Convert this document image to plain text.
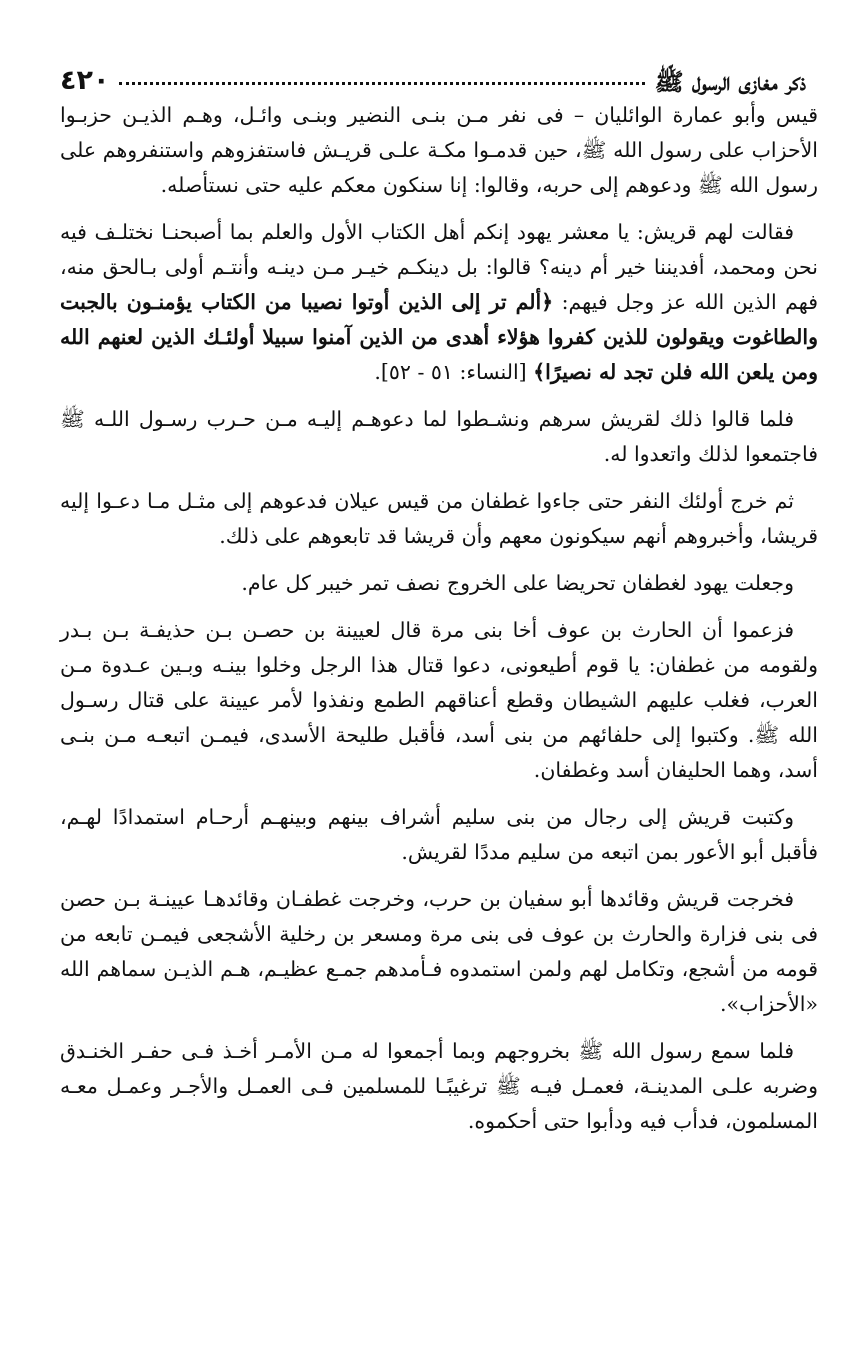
٤٢٠	ذكر مغازى الرسول ﷺ

قيس وأبو عمارة الوائليان – فى نفر مـن بنـى النضير وبنـى وائـل، وهـم الذيـن حزبـوا الأحزاب على رسول الله ﷺ، حين قدمـوا مكـة علـى قريـش فاستفزوهم واستنفروهم على رسول الله ﷺ ودعوهم إلى حربه، وقالوا: إنا سنكون معكم عليه حتى نستأصله.

فقالت لهم قريش: يا معشر يهود إنكم أهل الكتاب الأول والعلم بما أصبحنـا نختلـف فيه نحن ومحمد، أفديننا خير أم دينه؟ قالوا: بل دينكـم خيـر مـن دينـه وأنتـم أولى بـالحق منه، فهم الذين الله عز وجل فيهم: ﴿ألم تر إلى الذين أوتوا نصيبا من الكتاب يؤمنـون بالجبت والطاغوت ويقولون للذين كفروا هؤلاء أهدى من الذين آمنوا سبيلا أولئـك الذين لعنهم الله ومن يلعن الله فلن تجد له نصيرًا﴾ [النساء: ٥١ - ٥٢].

فلما قالوا ذلك لقريش سرهم ونشـطوا لما دعوهـم إليـه مـن حـرب رسـول اللـه ﷺ فاجتمعوا لذلك واتعدوا له.

ثم خرج أولئك النفر حتى جاءوا غطفان من قيس عيلان فدعوهم إلى مثـل مـا دعـوا إليه قريشا، وأخبروهم أنهم سيكونون معهم وأن قريشا قد تابعوهم على ذلك.

وجعلت يهود لغطفان تحريضا على الخروج نصف تمر خيبر كل عام.

فزعموا أن الحارث بن عوف أخا بنى مرة قال لعيينة بن حصـن بـن حذيفـة بـن بـدر ولقومه من غطفان: يا قوم أطيعونى، دعوا قتال هذا الرجل وخلوا بينـه وبـين عـدوة مـن العرب، فغلب عليهم الشيطان وقطع أعناقهم الطمع ونفذوا لأمر عيينة على قتال رسـول الله ﷺ. وكتبوا إلى حلفائهم من بنى أسد، فأقبل طليحة الأسدى، فيمـن اتبعـه مـن بنـى أسد، وهما الحليفان أسد وغطفان.

وكتبت قريش إلى رجال من بنى سليم أشراف بينهم وبينهـم أرحـام استمدادًا لهـم، فأقبل أبو الأعور بمن اتبعه من سليم مددًا لقريش.

فخرجت قريش وقائدها أبو سفيان بن حرب، وخرجت غطفـان وقائدهـا عيينـة بـن حصن فى بنى فزارة والحارث بن عوف فى بنى مرة ومسعر بن رخلية الأشجعى فيمـن تابعه من قومه من أشجع، وتكامل لهم ولمن استمدوه فـأمدهم جمـع عظيـم، هـم الذيـن سماهم الله «الأحزاب».

فلما سمع رسول الله ﷺ بخروجهم وبما أجمعوا له مـن الأمـر أخـذ فـى حفـر الخنـدق وضربه علـى المدينـة، فعمـل فيـه ﷺ ترغيبًـا للمسلمين فـى العمـل والأجـر وعمـل معـه المسلمون، فدأب فيه ودأبوا حتى أحكموه.
